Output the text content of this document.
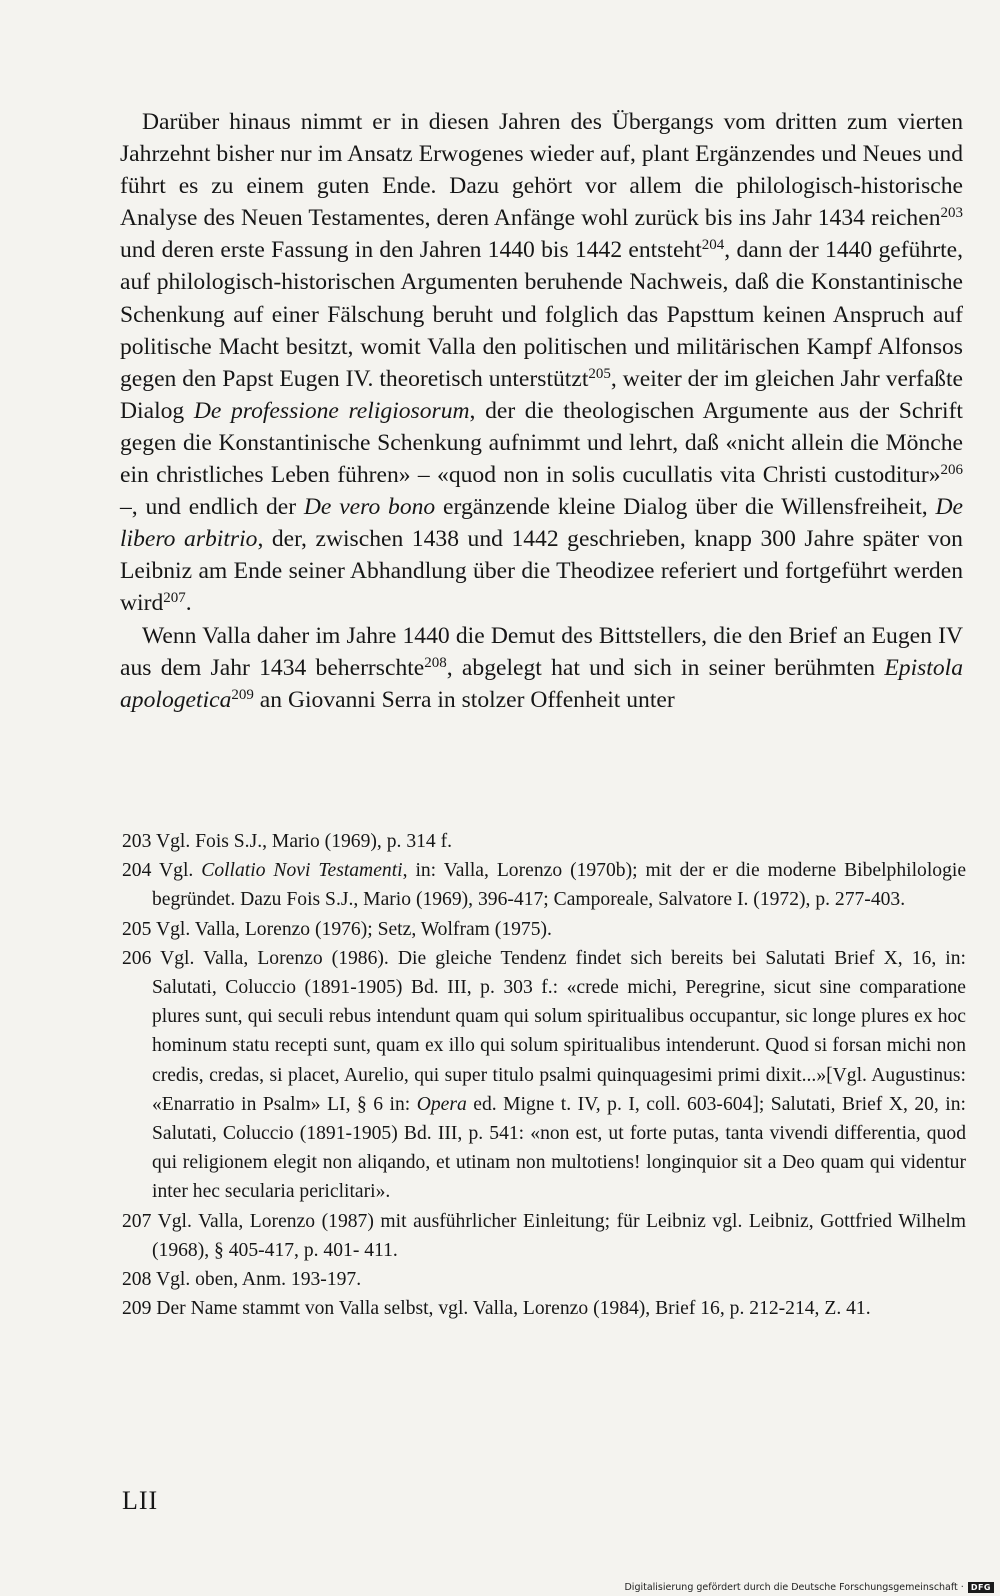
Darüber hinaus nimmt er in diesen Jahren des Übergangs vom dritten zum vierten Jahrzehnt bisher nur im Ansatz Erwogenes wieder auf, plant Ergänzendes und Neues und führt es zu einem guten Ende. Dazu gehört vor allem die philologisch-historische Analyse des Neuen Testamentes, deren Anfänge wohl zurück bis ins Jahr 1434 reichen$^{203}$ und deren erste Fassung in den Jahren 1440 bis 1442 entsteht$^{204}$, dann der 1440 geführte, auf philologisch-historischen Argumenten beruhende Nachweis, daß die Konstantinische Schenkung auf einer Fälschung beruht und folglich das Papsttum keinen Anspruch auf politische Macht besitzt, womit Valla den politischen und militärischen Kampf Alfonsos gegen den Papst Eugen IV. theoretisch unterstützt$^{205}$, weiter der im gleichen Jahr verfaßte Dialog De professione religiosorum, der die theologischen Argumente aus der Schrift gegen die Konstantinische Schenkung aufnimmt und lehrt, daß «nicht allein die Mönche ein christliches Leben führen» – «quod non in solis cucullatis vita Christi custoditur»$^{206}$ –, und endlich der De vero bono ergänzende kleine Dialog über die Willensfreiheit, De libero arbitrio, der, zwischen 1438 und 1442 geschrieben, knapp 300 Jahre später von Leibniz am Ende seiner Abhandlung über die Theodizee referiert und fortgeführt werden wird$^{207}$.

Wenn Valla daher im Jahre 1440 die Demut des Bittstellers, die den Brief an Eugen IV aus dem Jahr 1434 beherrschte$^{208}$, abgelegt hat und sich in seiner berühmten Epistola apologetica$^{209}$ an Giovanni Serra in stolzer Offenheit unter

203 Vgl. Fois S.J., Mario (1969), p. 314 f.

204 Vgl. Collatio Novi Testamenti, in: Valla, Lorenzo (1970b); mit der er die moderne Bibelphilologie begründet. Dazu Fois S.J., Mario (1969), 396-417; Camporeale, Salvatore I. (1972), p. 277-403.

205 Vgl. Valla, Lorenzo (1976); Setz, Wolfram (1975).

206 Vgl. Valla, Lorenzo (1986). Die gleiche Tendenz findet sich bereits bei Salutati Brief X, 16, in: Salutati, Coluccio (1891-1905) Bd. III, p. 303 f.: «crede michi, Peregrine, sicut sine comparatione plures sunt, qui seculi rebus intendunt quam qui solum spiritualibus occupantur, sic longe plures ex hoc hominum statu recepti sunt, quam ex illo qui solum spiritualibus intenderunt. Quod si forsan michi non credis, credas, si placet, Aurelio, qui super titulo psalmi quinquagesimi primi dixit...»[Vgl. Augustinus: «Enarratio in Psalm» LI, § 6 in: Opera ed. Migne t. IV, p. I, coll. 603-604]; Salutati, Brief X, 20, in: Salutati, Coluccio (1891-1905) Bd. III, p. 541: «non est, ut forte putas, tanta vivendi differentia, quod qui religionem elegit non aliqando, et utinam non multotiens! longinquior sit a Deo quam qui videntur inter hec secularia periclitari».

207 Vgl. Valla, Lorenzo (1987) mit ausführlicher Einleitung; für Leibniz vgl. Leibniz, Gottfried Wilhelm (1968), § 405-417, p. 401- 411.

208 Vgl. oben, Anm. 193-197.

209 Der Name stammt von Valla selbst, vgl. Valla, Lorenzo (1984), Brief 16, p. 212-214, Z. 41.

LII
Digitalisierung gefördert durch die Deutsche Forschungsgemeinschaft · DFG
